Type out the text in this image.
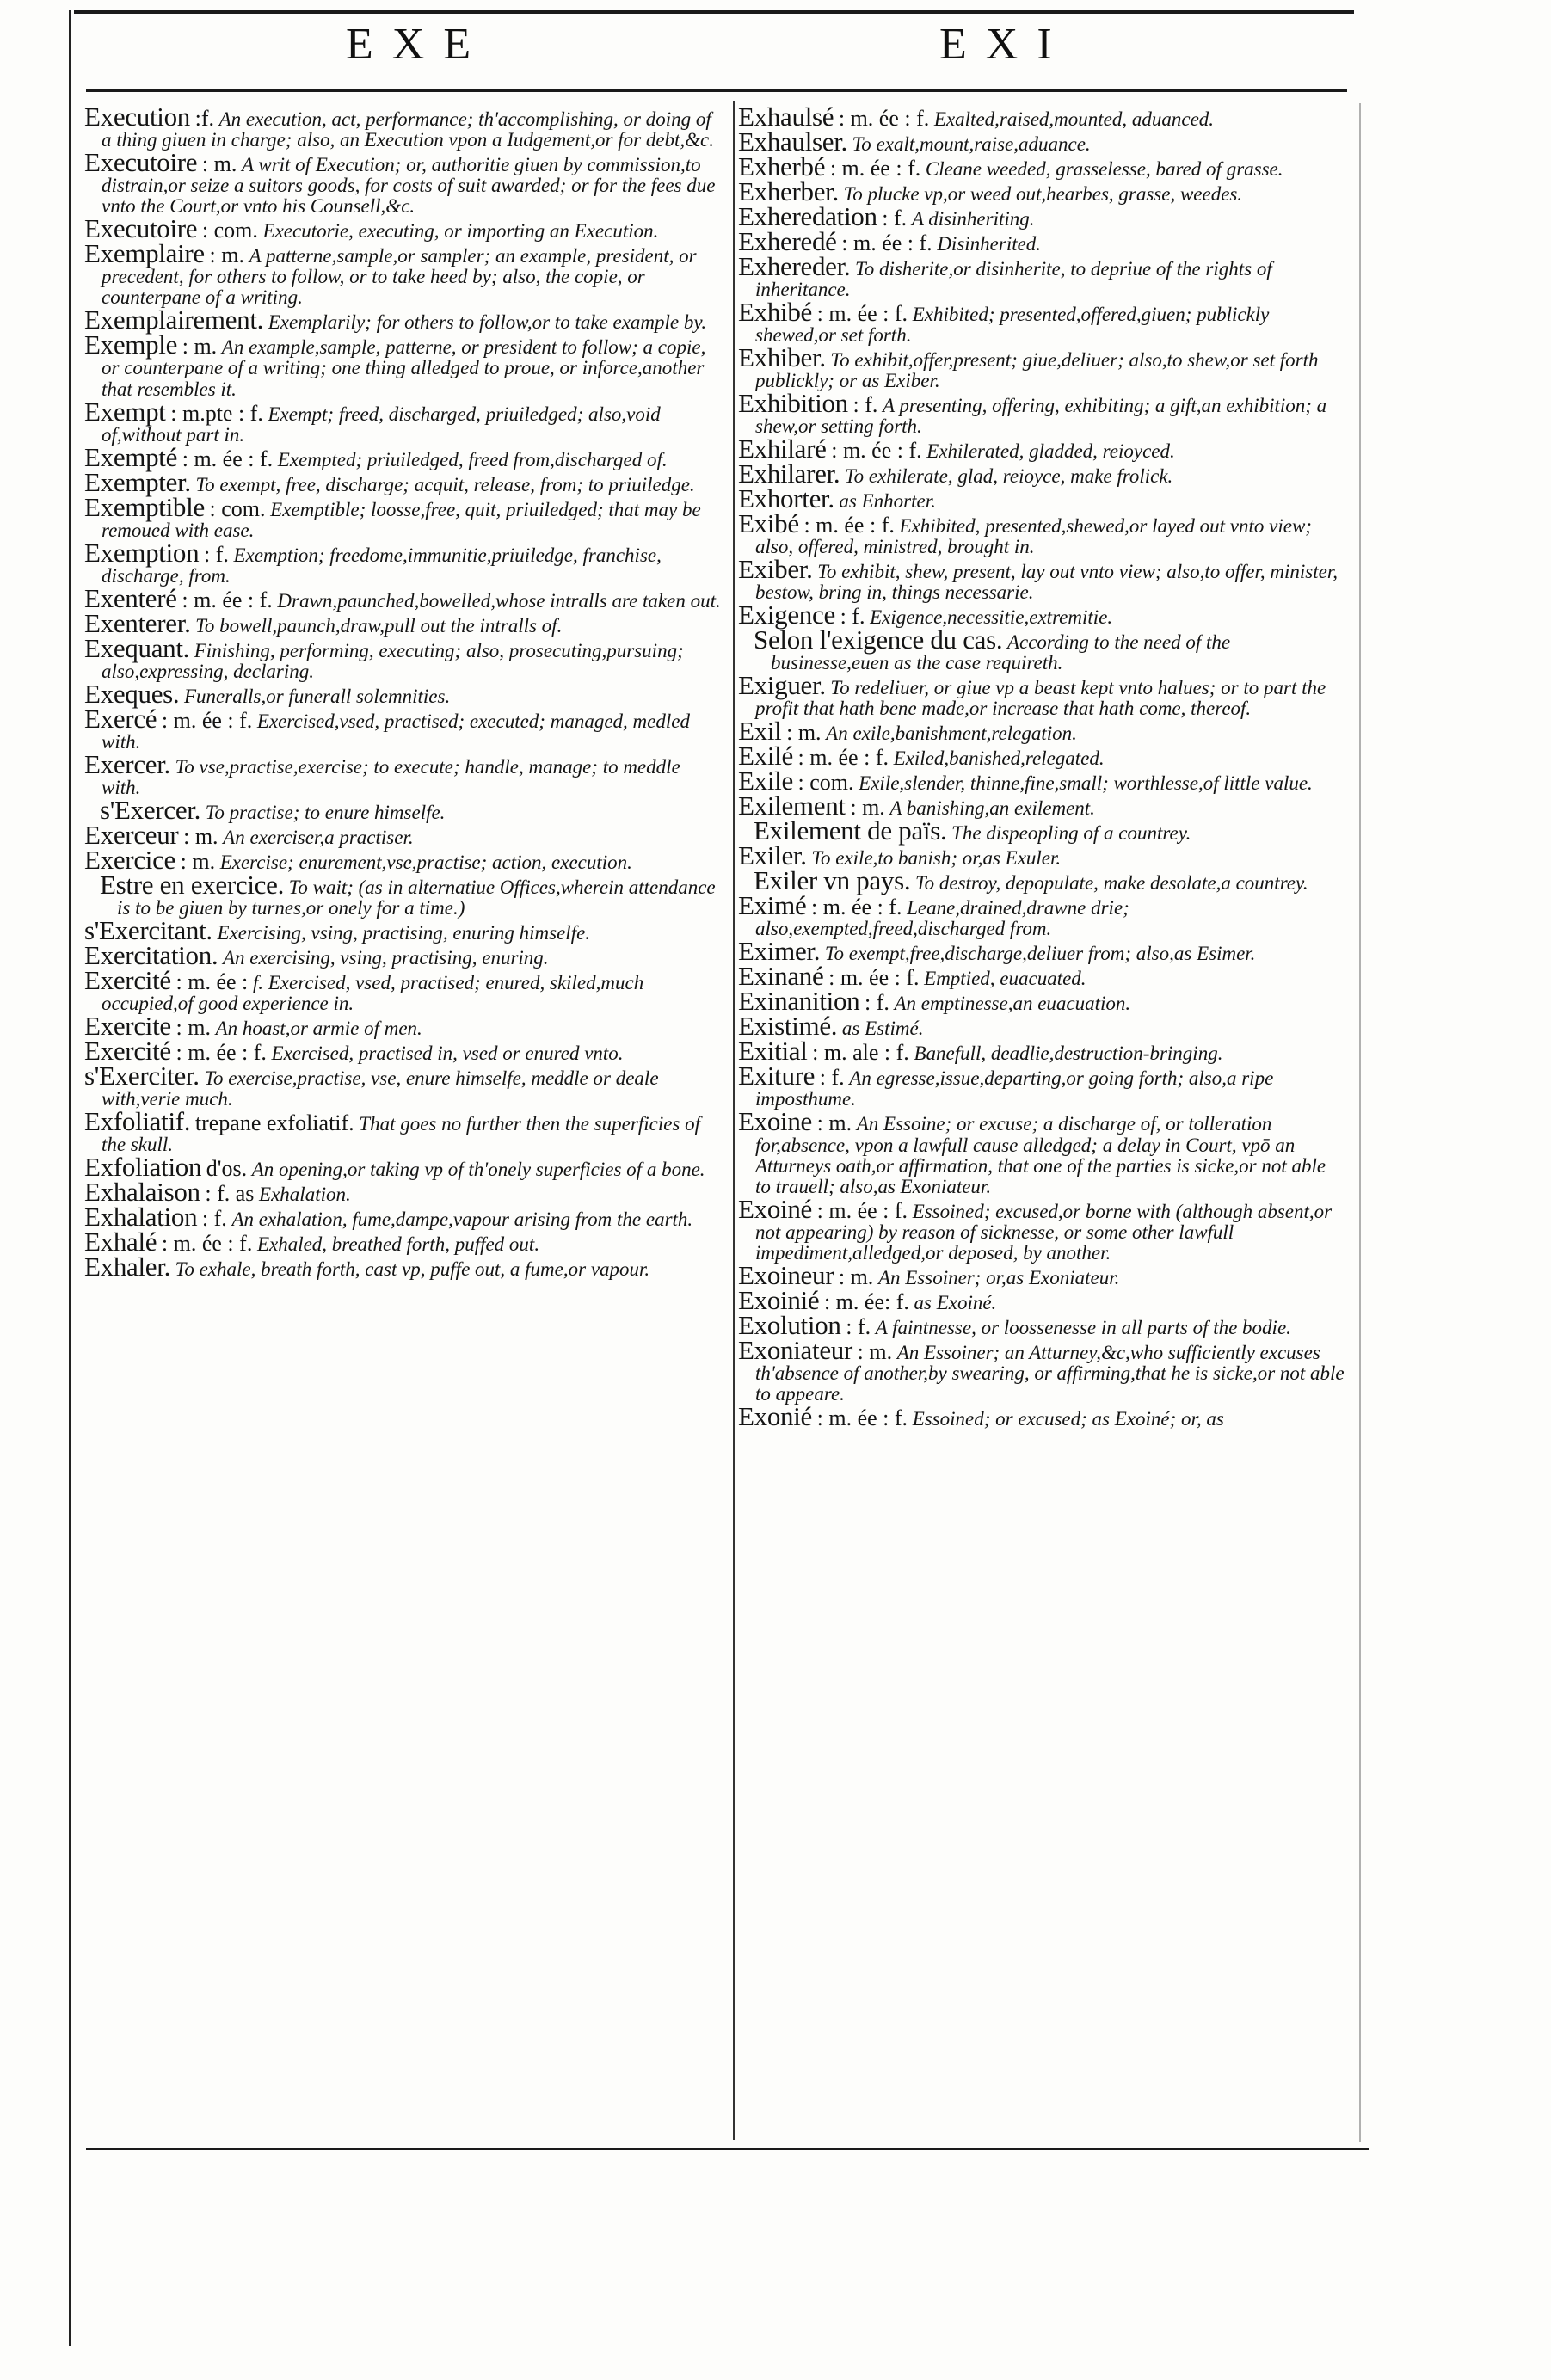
EXE	EXI

Execution :f. An execution, act, performance; th'accomplishing, or doing of a thing giuen in charge; also, an Execution vpon a Iudgement,or for debt,&c.

Executoire : m. A writ of Execution; or, authoritie giuen by commission,to distrain,or seize a suitors goods, for costs of suit awarded; or for the fees due vnto the Court,or vnto his Counsell,&c.

Executoire : com. Executorie, executing, or importing an Execution.

Exemplaire : m. A patterne,sample,or sampler; an example, president, or precedent, for others to follow, or to take heed by; also, the copie, or counterpane of a writing.

Exemplairement. Exemplarily; for others to follow,or to take example by.

Exemple : m. An example,sample, patterne, or president to follow; a copie, or counterpane of a writing; one thing alledged to proue, or inforce,another that resembles it.

Exempt : m.pte : f. Exempt; freed, discharged, priuiledged; also,void of,without part in.

Exempté : m. ée : f. Exempted; priuiledged, freed from,discharged of.

Exempter. To exempt, free, discharge; acquit, release, from; to priuiledge.

Exemptible : com. Exemptible; loosse,free, quit, priuiledged; that may be remoued with ease.

Exemption : f. Exemption; freedome,immunitie,priuiledge, franchise, discharge, from.

Exenteré : m. ée : f. Drawn,paunched,bowelled,whose intralls are taken out.

Exenterer. To bowell,paunch,draw,pull out the intralls of.

Exequant. Finishing, performing, executing; also, prosecuting,pursuing; also,expressing, declaring.

Exeques. Funeralls,or funerall solemnities.

Exercé : m. ée : f. Exercised,vsed, practised; executed; managed, medled with.

Exercer. To vse,practise,exercise; to execute; handle, manage; to meddle with.

s'Exercer. To practise; to enure himselfe.

Exerceur : m. An exerciser,a practiser.

Exercice : m. Exercise; enurement,vse,practise; action, execution.

Estre en exercice. To wait; (as in alternatiue Offices,wherein attendance is to be giuen by turnes,or onely for a time.)

s'Exercitant. Exercising, vsing, practising, enuring himselfe.

Exercitation. An exercising, vsing, practising, enuring.

Exercité : m. ée : f. Exercised, vsed, practised; enured, skiled,much occupied,of good experience in.

Exercite : m. An hoast,or armie of men.

Exercité : m. ée : f. Exercised, practised in, vsed or enured vnto.

s'Exerciter. To exercise,practise, vse, enure himselfe, meddle or deale with,verie much.

Exfoliatif. trepane exfoliatif. That goes no further then the superficies of the skull.

Exfoliation d'os. An opening,or taking vp of th'onely superficies of a bone.

Exhalaison : f. as Exhalation.

Exhalation : f. An exhalation, fume,dampe,vapour arising from the earth.

Exhalé : m. ée : f. Exhaled, breathed forth, puffed out.

Exhaler. To exhale, breath forth, cast vp, puffe out, a fume,or vapour.

Exhaulsé : m. ée : f. Exalted,raised,mounted, aduanced.

Exhaulser. To exalt,mount,raise,aduance.

Exherbé : m. ée : f. Cleane weeded, grasselesse, bared of grasse.

Exherber. To plucke vp,or weed out,hearbes, grasse, weedes.

Exheredation : f. A disinheriting.

Exheredé : m. ée : f. Disinherited.

Exhereder. To disherite,or disinherite, to depriue of the rights of inheritance.

Exhibé : m. ée : f. Exhibited; presented,offered,giuen; publickly shewed,or set forth.

Exhiber. To exhibit,offer,present; giue,deliuer; also,to shew,or set forth publickly; or as Exiber.

Exhibition : f. A presenting, offering, exhibiting; a gift,an exhibition; a shew,or setting forth.

Exhilaré : m. ée : f. Exhilerated, gladded, reioyced.

Exhilarer. To exhilerate, glad, reioyce, make frolick.

Exhorter. as Enhorter.

Exibé : m. ée : f. Exhibited, presented,shewed,or layed out vnto view; also, offered, ministred, brought in.

Exiber. To exhibit, shew, present, lay out vnto view; also,to offer, minister, bestow, bring in, things necessarie.

Exigence : f. Exigence,necessitie,extremitie.

Selon l'exigence du cas. According to the need of the businesse,euen as the case requireth.

Exiguer. To redeliuer, or giue vp a beast kept vnto halues; or to part the profit that hath bene made,or increase that hath come, thereof.

Exil : m. An exile,banishment,relegation.

Exilé : m. ée : f. Exiled,banished,relegated.

Exile : com. Exile,slender, thinne,fine,small; worthlesse,of little value.

Exilement : m. A banishing,an exilement.

Exilement de païs. The dispeopling of a countrey.

Exiler. To exile,to banish; or,as Exuler.

Exiler vn pays. To destroy, depopulate, make desolate,a countrey.

Eximé : m. ée : f. Leane,drained,drawne drie; also,exempted,freed,discharged from.

Eximer. To exempt,free,discharge,deliuer from; also,as Esimer.

Exinané : m. ée : f. Emptied, euacuated.

Exinanition : f. An emptinesse,an euacuation.

Existimé. as Estimé.

Exitial : m. ale : f. Banefull, deadlie,destruction-bringing.

Exiture : f. An egresse,issue,departing,or going forth; also,a ripe imposthume.

Exoine : m. An Essoine; or excuse; a discharge of, or tolleration for,absence, vpon a lawfull cause alledged; a delay in Court, vpō an Atturneys oath,or affirmation, that one of the parties is sicke,or not able to trauell; also,as Exoniateur.

Exoiné : m. ée : f. Essoined; excused,or borne with (although absent,or not appearing) by reason of sicknesse, or some other lawfull impediment,alledged,or deposed, by another.

Exoineur : m. An Essoiner; or,as Exoniateur.

Exoinié : m. ée: f. as Exoiné.

Exolution : f. A faintnesse, or loossenesse in all parts of the bodie.

Exoniateur : m. An Essoiner; an Atturney,&c,who sufficiently excuses th'absence of another,by swearing, or affirming,that he is sicke,or not able to appeare.

Exonié : m. ée : f. Essoined; or excused; as Exoiné; or, as
